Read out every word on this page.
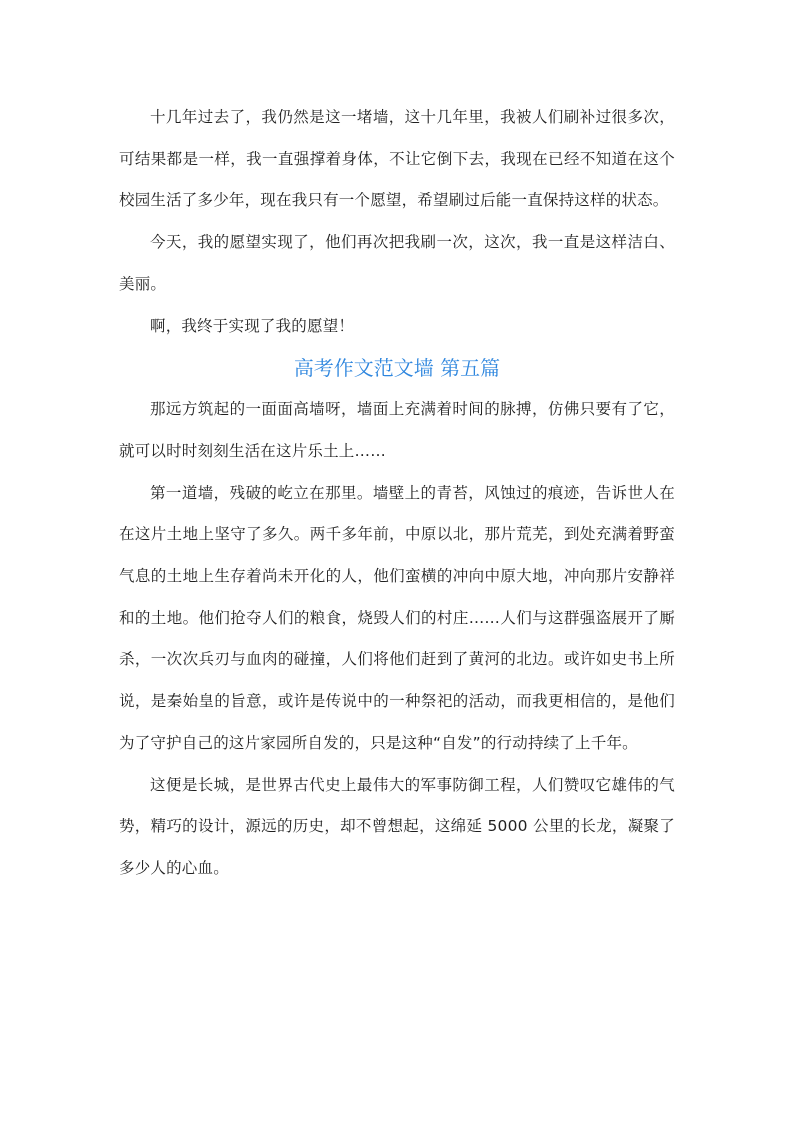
十几年过去了，我仍然是这一堵墙，这十几年里，我被人们刷补过很多次，可结果都是一样，我一直强撑着身体，不让它倒下去，我现在已经不知道在这个校园生活了多少年，现在我只有一个愿望，希望刷过后能一直保持这样的状态。

今天，我的愿望实现了，他们再次把我刷一次，这次，我一直是这样洁白、美丽。

啊，我终于实现了我的愿望！

高考作文范文墙 第五篇

那远方筑起的一面面高墙呀，墙面上充满着时间的脉搏，仿佛只要有了它，就可以时时刻刻生活在这片乐土上……

第一道墙，残破的屹立在那里。墙壁上的青苔，风蚀过的痕迹，告诉世人在在这片土地上坚守了多久。两千多年前，中原以北，那片荒芜，到处充满着野蛮气息的土地上生存着尚未开化的人，他们蛮横的冲向中原大地，冲向那片安静祥和的土地。他们抢夺人们的粮食，烧毁人们的村庄……人们与这群强盗展开了厮杀，一次次兵刃与血肉的碰撞，人们将他们赶到了黄河的北边。或许如史书上所说，是秦始皇的旨意，或许是传说中的一种祭祀的活动，而我更相信的，是他们为了守护自己的这片家园所自发的，只是这种“自发”的行动持续了上千年。

这便是长城，是世界古代史上最伟大的军事防御工程，人们赞叹它雄伟的气势，精巧的设计，源远的历史，却不曾想起，这绵延 5000 公里的长龙，凝聚了多少人的心血。
